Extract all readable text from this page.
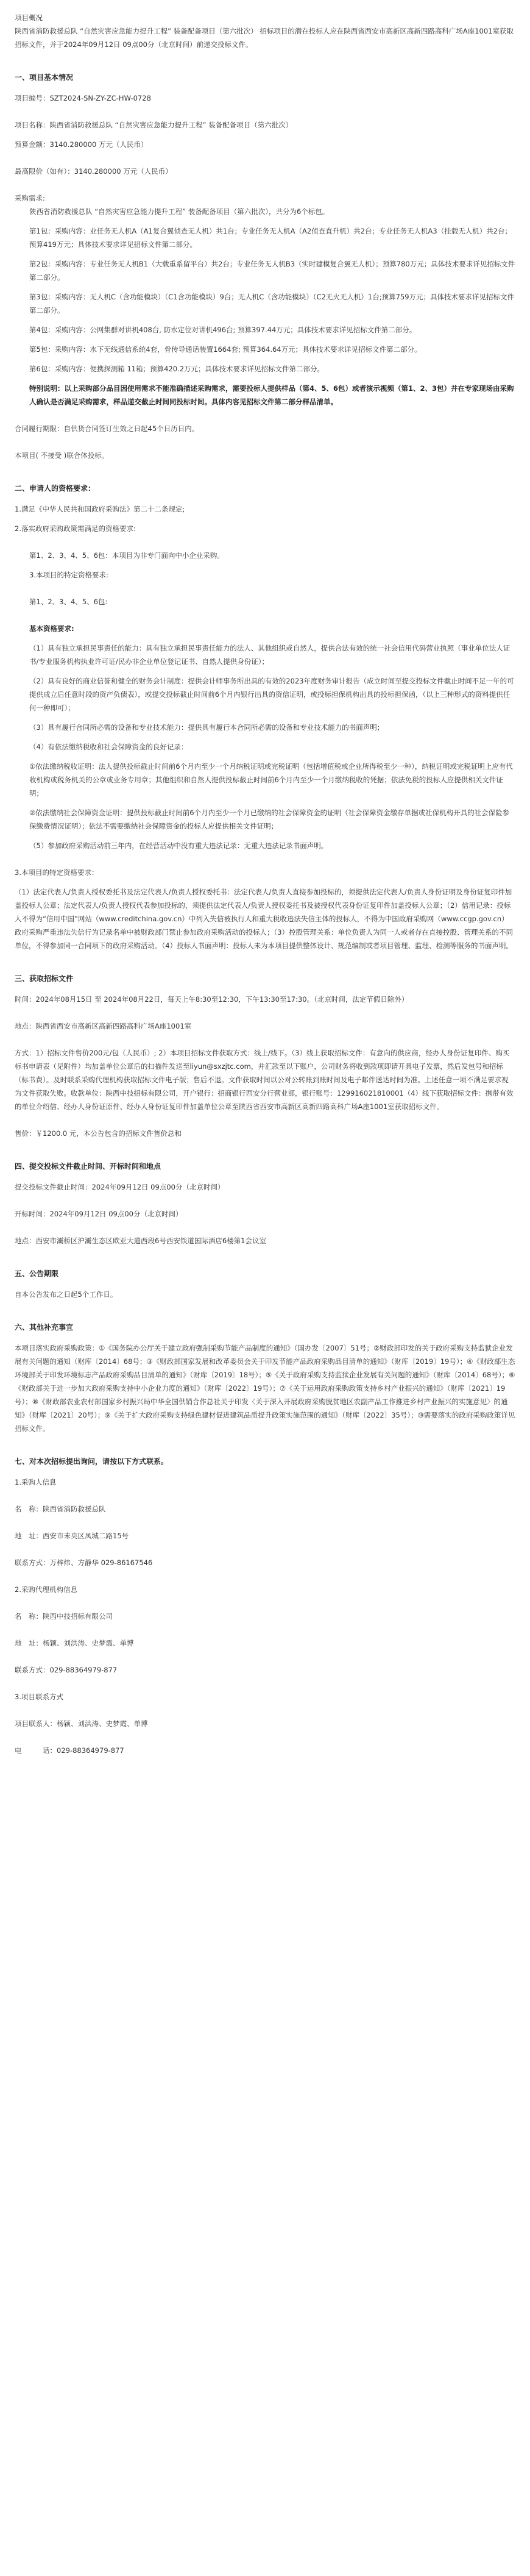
项目概况

陕西省消防救援总队 “自然灾害应急能力提升工程” 装备配备项目（第六批次） 招标项目的潜在投标人应在陕西省西安市高新区高新四路高科广场A座1001室获取招标文件，并于2024年09月12日 09点00分（北京时间）前递交投标文件。

一、项目基本情况

项目编号：SZT2024-SN-ZY-ZC-HW-0728

项目名称：陕西省消防救援总队 “自然灾害应急能力提升工程” 装备配备项目（第六批次）

预算金额：3140.280000 万元（人民币）

最高限价（如有）：3140.280000 万元（人民币）

采购需求:

陕西省消防救援总队 “自然灾害应急能力提升工程” 装备配备项目（第六批次），共分为6个标包。

第1包：采购内容：业任务无人机A（A1复合翼侦查无人机）共1台；专业任务无人机A（A2侦查直升机）共2台；专业任务无人机A3（挂载无人机）共2台；预算419万元；具体技术要求详见招标文件第二部分。

第2包：采购内容：专业任务无人机B1（大载重系留平台）共2台；专业任务无人机B3（实时建模复合翼无人机）；预算780万元；具体技术要求详见招标文件第二部分。

第3包：采购内容：无人机C（含功能模块）（C1含功能模块）9台；无人机C（含功能模块）（C2无火无人机）1台;预算759万元；具体技术要求详见招标文件第二部分。

第4包：采购内容：公网集群对讲机408台, 防水定位对讲机496台; 预算397.44万元；具体技术要求详见招标文件第二部分。

第5包：采购内容：水下无线通信系统4套，骨传导通话装置1664套; 预算364.64万元；具体技术要求详见招标文件第二部分。

第6包：采购内容：便携探测箱 11箱；预算420.2万元；具体技术要求详见招标文件第二部分。

特别说明：以上采购部分品目因使用需求不能准确描述采购需求，需要投标人提供样品（第4、5、6包）或者演示视频（第1、2、3包）并在专家现场由采购人确认是否满足采购需求，样品递交截止时间同投标时间。具体内容见招标文件第二部分样品清单。

合同履行期限：自供货合同签订生效之日起45个日历日内。

本项目( 不接受 )联合体投标。

二、申请人的资格要求：

1.满足《中华人民共和国政府采购法》第二十二条规定;

2.落实政府采购政策需满足的资格要求:

第1、2、3、4、5、6包：本项目为非专门面向中小企业采购。

3.本项目的特定资格要求:

第1、2、3、4、5、6包:

基本资格要求:

（1）具有独立承担民事责任的能力：具有独立承担民事责任能力的法人、其他组织或自然人，提供合法有效的统一社会信用代码营业执照（事业单位法人证书/专业服务机构执业许可证/民办非企业单位登记证书、自然人提供身份证）；

（2）具有良好的商业信誉和健全的财务会计制度：提供会计师事务所出具的有效的2023年度财务审计报告（成立时间至提交投标文件截止时间不足一年的可提供成立后任意时段的资产负债表），或提交投标截止时间前6个月内银行出具的资信证明，或投标担保机构出具的投标担保函，（以上三种形式的资料提供任何一种即可）；

（3）具有履行合同所必需的设备和专业技术能力：提供具有履行本合同所必需的设备和专业技术能力的书面声明；

（4）有依法缴纳税收和社会保障资金的良好记录：

①依法缴纳税收证明：法人提供投标截止时间前6个月内至少一个月纳税证明或完税证明（包括增值税或企业所得税至少一种），纳税证明或完税证明上应有代收机构或税务机关的公章或业务专用章；其他组织和自然人提供投标截止时间前6个月内至少一个月缴纳税收的凭据；依法免税的投标人应提供相关文件证明；

②依法缴纳社会保障资金证明：提供投标截止时间前6个月内至少一个月已缴纳的社会保障资金的证明（社会保障资金缴存单据或社保机构开具的社会保险参保缴费情况证明）；依法不需要缴纳社会保障资金的投标人应提供相关文件证明；

（5）参加政府采购活动前三年内，在经营活动中没有重大违法记录：无重大违法记录书面声明。

3.本项目的特定资格要求：

（1）法定代表人/负责人授权委托书及法定代表人/负责人授权委托书：法定代表人/负责人直接参加投标的，须提供法定代表人/负责人身份证明及身份证复印件加盖投标人公章；法定代表人/负责人授权代表参加投标的，须提供法定代表人/负责人授权委托书及被授权代表身份证复印件加盖投标人公章；（2）信用记录：投标人不得为“信用中国”网站（www.creditchina.gov.cn）中列入失信被执行人和重大税收违法失信主体的投标人，不得为中国政府采购网（www.ccgp.gov.cn）政府采购严重违法失信行为记录名单中被财政部门禁止参加政府采购活动的投标人；（3）控股管理关系：单位负责人为同一人或者存在直接控股、管理关系的不同单位，不得参加同一合同项下的政府采购活动。（4）投标人书面声明：投标人未为本项目提供整体设计、规范编制或者项目管理、监理、检测等服务的书面声明。

三、获取招标文件

时间：2024年08月15日 至 2024年08月22日，每天上午8:30至12:30，下午13:30至17:30。（北京时间，法定节假日除外）

地点：陕西省西安市高新区高新四路高科广场A座1001室

方式：1）招标文件售价200元/包（人民币）; 2）本项目招标文件获取方式：线上/线下。（3）线上获取招标文件：有意向的供应商，经办人身份证复印件、购买标书申请表（见附件）均加盖单位公章后的扫描件发送至liyun@sxzjtc.com，并汇款至以下账户，公司财务将收到款项即请开具电子发票，然后发包号和招标（标书费）。及时联系采购代理机构获取招标文件电子版；售后不退。文件获取时间以公对公转账到账时间及电子邮件送达时间为准。上述任意一项不满足要求视为文件获取失败。收款单位：陕西中技招标有限公司，开户银行：招商银行西安分行营业部，银行账号：129916021810001（4）线下获取招标文件：携带有效的单位介绍信、经办人身份证原件、经办人身份证复印件加盖单位公章至陕西省西安市高新区高新四路高科广场A座1001室获取招标文件。

售价：￥1200.0 元，本公告包含的招标文件售价总和

四、提交投标文件截止时间、开标时间和地点

提交投标文件截止时间：2024年09月12日 09点00分（北京时间）

开标时间：2024年09月12日 09点00分（北京时间）

地点：西安市灞桥区沪灞生态区欧亚大道西段6号西安铁道国际酒店6楼第1会议室

五、公告期限

自本公告发布之日起5个工作日。

六、其他补充事宜

本项目落实政府采购政策：①《国务院办公厅关于建立政府强制采购节能产品制度的通知》（国办发〔2007〕51号；②财政部印发的关于政府采购支持监狱企业发展有关问题的通知（财库〔2014〕68号；③《财政部国家发展和改革委员会关于印发节能产品政府采购品目清单的通知》（财库〔2019〕19号）；④《财政部生态环境部关于印发环境标志产品政府采购品目清单的通知》（财库〔2019〕18号）；⑤《关于政府采购支持监狱企业发展有关问题的通知》（财库〔2014〕68号）；⑥《财政部关于进一步加大政府采购支持中小企业力度的通知》（财库〔2022〕19号）；⑦《关于运用政府采购政策支持乡村产业振兴的通知》（财库〔2021〕19号）；⑧《财政部农业农村部国家乡村振兴局中华全国供销合作总社关于印发〈关于深入开展政府采购脱贫地区农副产品工作推进乡村产业振兴的实施意见〉的通知》（财库〔2021〕20号）；⑨《关于扩大政府采购支持绿色建材促进建筑品质提升政策实施范围的通知》（财库〔2022〕35号）；⑩需要落实的政府采购政策详见招标文件。

七、对本次招标提出询问，请按以下方式联系。

1.采购人信息

名　称：陕西省消防救援总队

地　址：西安市未央区凤城二路15号

联系方式：万梓炜、方静华 029-86167546

2.采购代理机构信息

名　称：陕西中技招标有限公司

地　址：杨颖、刘洪涛、史梦霞、单博

联系方式：029-88364979-877

3.项目联系方式

项目联系人：杨颖、刘洪涛、史梦霞、单博

电　　　话：029-88364979-877
